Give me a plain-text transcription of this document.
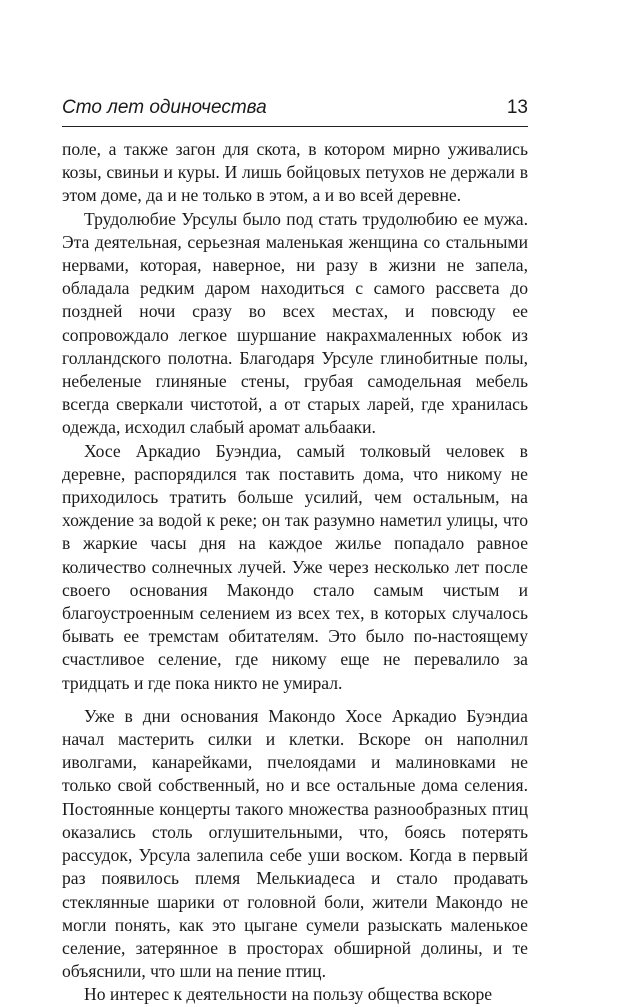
Сто лет одиночества	13

поле, а также загон для скота, в котором мирно уживались козы, свиньи и куры. И лишь бойцовых петухов не держали в этом доме, да и не только в этом, а и во всей деревне.

Трудолюбие Урсулы было под стать трудолюбию ее мужа. Эта деятельная, серьезная маленькая женщина со стальными нервами, которая, наверное, ни разу в жизни не запела, обладала редким даром находиться с самого рассвета до поздней ночи сразу во всех местах, и повсюду ее сопровождало легкое шуршание накрахмаленных юбок из голландского полотна. Благодаря Урсуле глинобитные полы, небеленые глиняные стены, грубая самодельная мебель всегда сверкали чистотой, а от старых ларей, где хранилась одежда, исходил слабый аромат альбааки.

Хосе Аркадио Буэндиа, самый толковый человек в деревне, распорядился так поставить дома, что никому не приходилось тратить больше усилий, чем остальным, на хождение за водой к реке; он так разумно наметил улицы, что в жаркие часы дня на каждое жилье попадало равное количество солнечных лучей. Уже через несколько лет после своего основания Макондо стало самым чистым и благоустроенным селением из всех тех, в которых случалось бывать ее тремстам обитателям. Это было по-настоящему счастливое селение, где никому еще не перевалило за тридцать и где пока никто не умирал.

Уже в дни основания Макондо Хосе Аркадио Буэндиа начал мастерить силки и клетки. Вскоре он наполнил иволгами, канарейками, пчелоядами и малиновками не только свой собственный, но и все остальные дома селения. Постоянные концерты такого множества разнообразных птиц оказались столь оглушительными, что, боясь потерять рассудок, Урсула залепила себе уши воском. Когда в первый раз появилось племя Мелькиадеса и стало продавать стеклянные шарики от головной боли, жители Макондо не могли понять, как это цыгане сумели разыскать маленькое селение, затерянное в просторах обширной долины, и те объяснили, что шли на пение птиц.

Но интерес к деятельности на пользу общества вскоре
